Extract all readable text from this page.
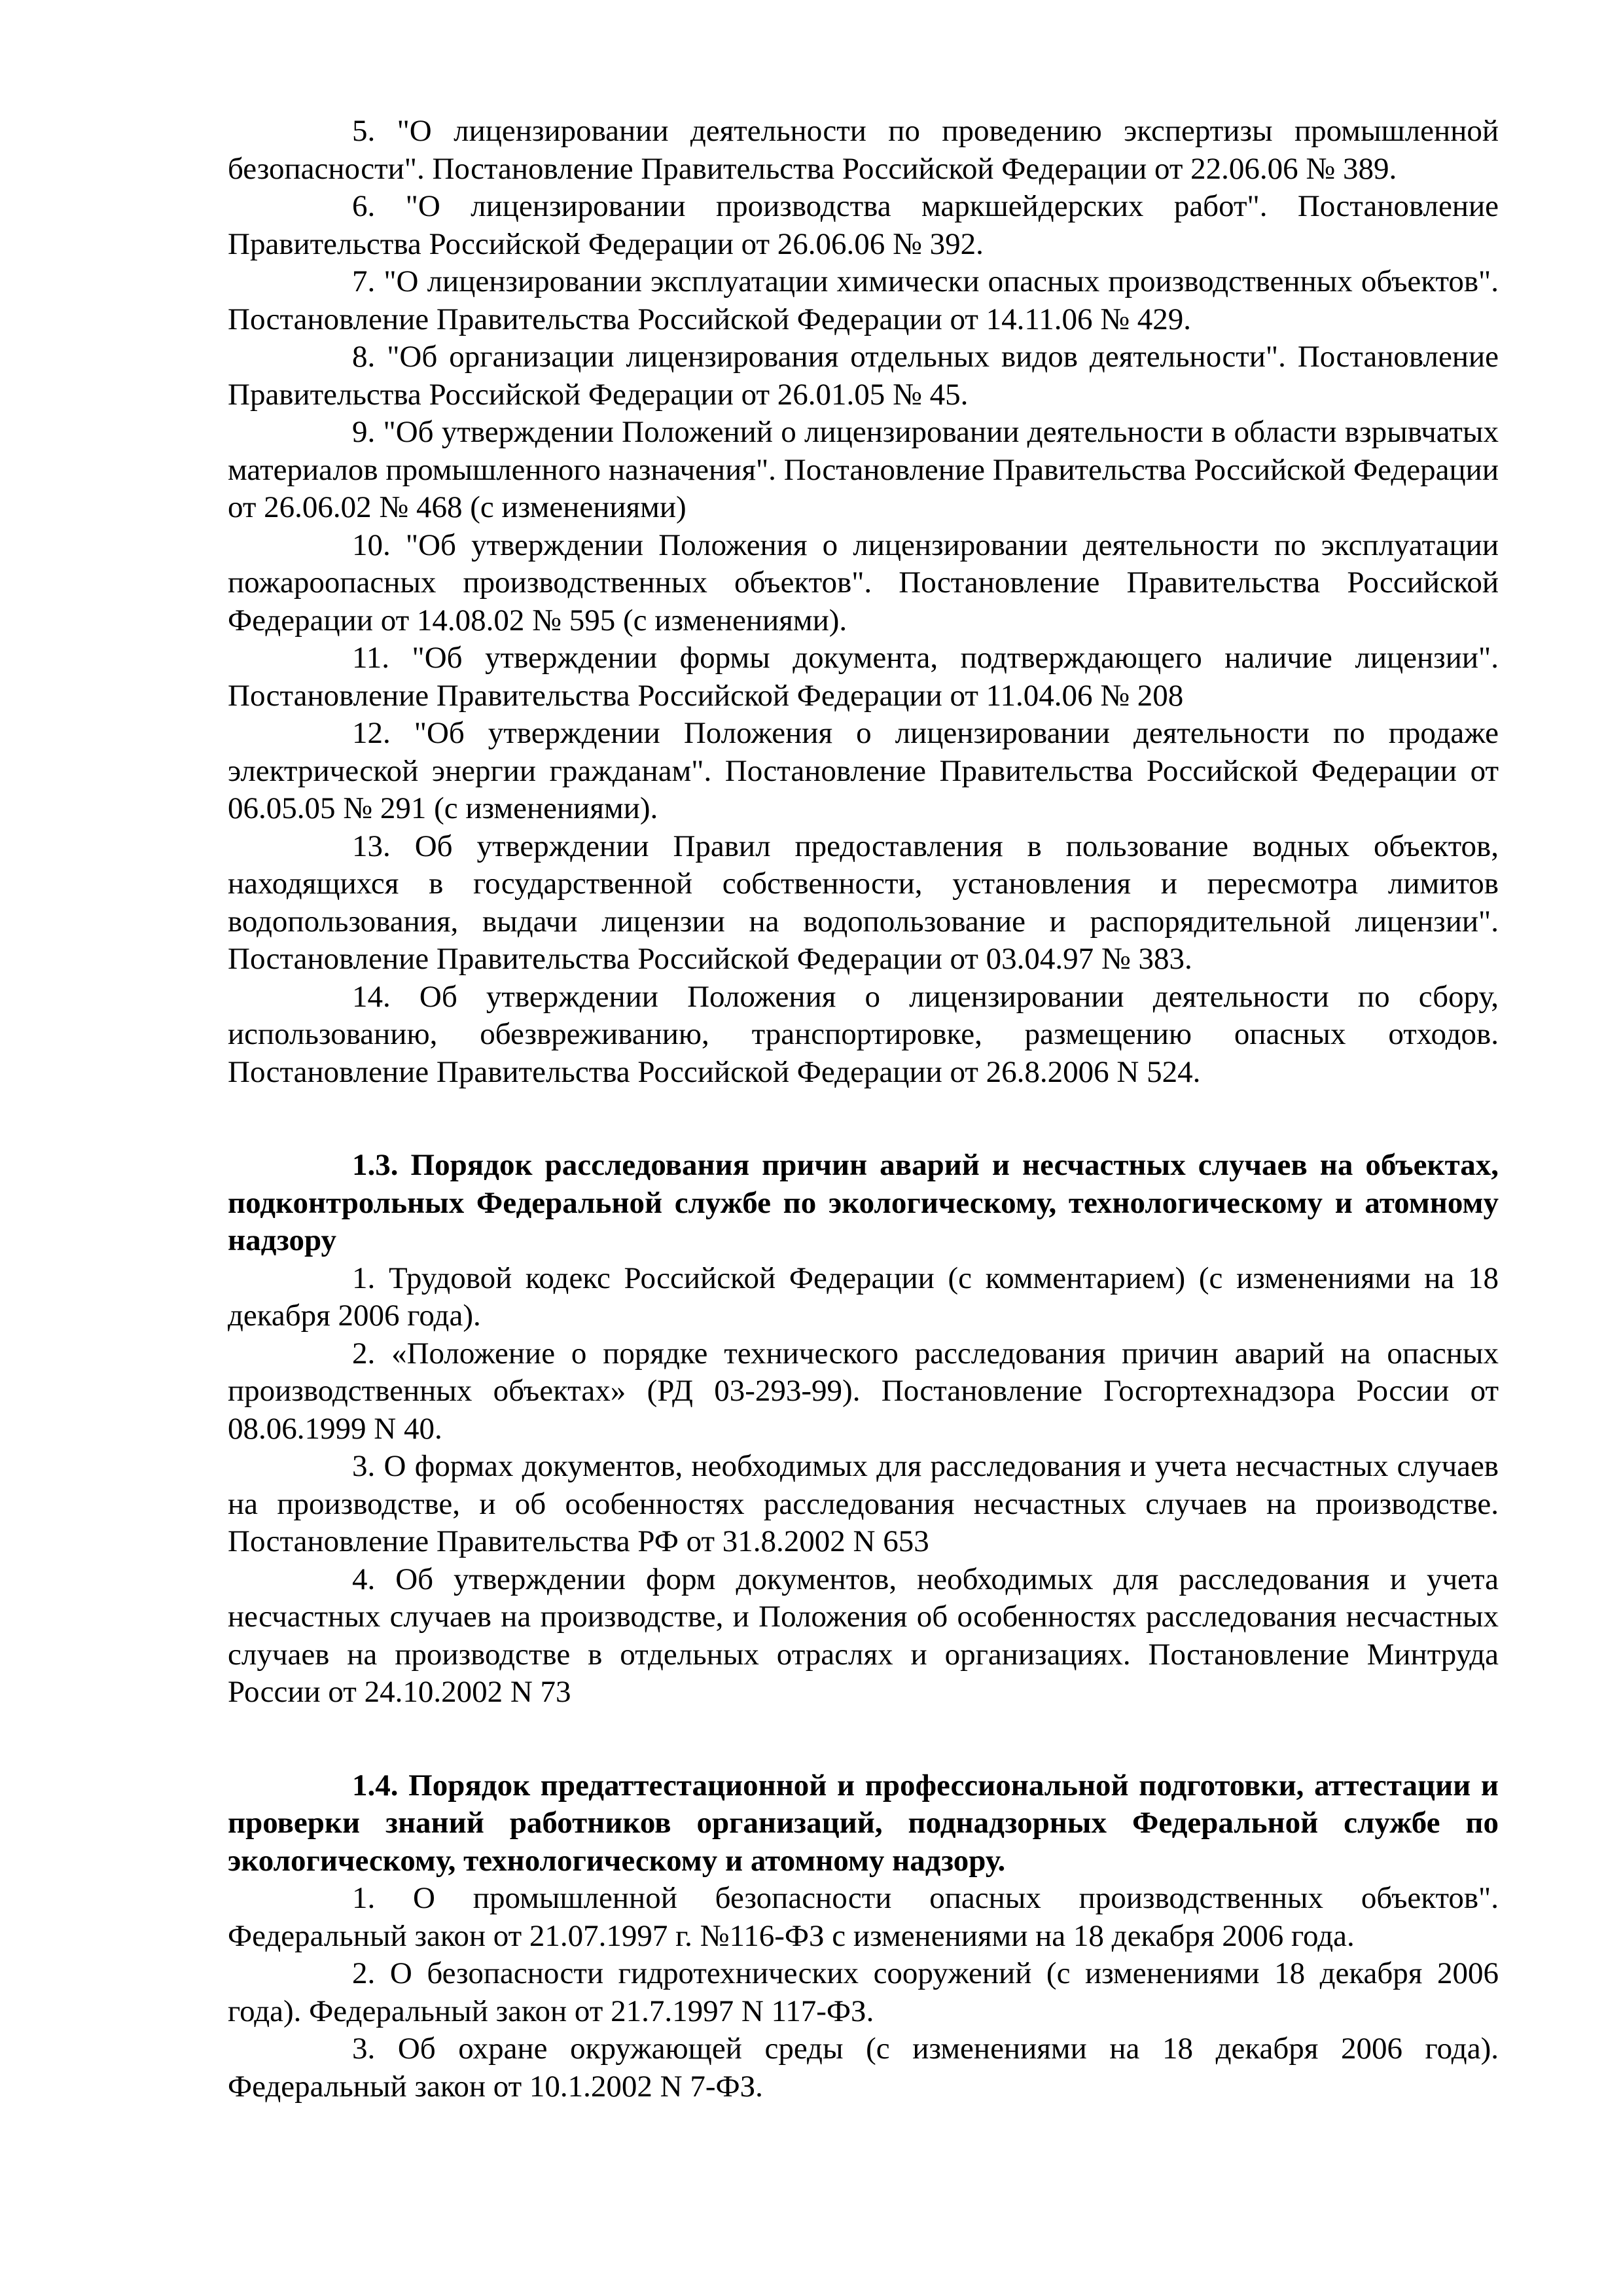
5. "О лицензировании деятельности по проведению экспертизы промышленной безопасности". Постановление Правительства Российской Федерации от 22.06.06 № 389.

6. "О лицензировании производства маркшейдерских работ". Постановление Правительства Российской Федерации от 26.06.06 № 392.

7. "О лицензировании эксплуатации химически опасных производственных объектов". Постановление Правительства Российской Федерации от 14.11.06 № 429.

8. "Об организации лицензирования отдельных видов деятельности". Постановление Правительства Российской Федерации от 26.01.05 № 45.

9. "Об утверждении Положений о лицензировании деятельности в области взрывчатых материалов промышленного назначения". Постановление Правительства Российской Федерации от 26.06.02 № 468 (с изменениями)

10. "Об утверждении Положения о лицензировании деятельности по эксплуатации пожароопасных производственных объектов". Постановление Правительства Российской Федерации от 14.08.02 № 595 (с изменениями).

11. "Об утверждении формы документа, подтверждающего наличие лицензии". Постановление Правительства Российской Федерации от 11.04.06 № 208

12. "Об утверждении Положения о лицензировании деятельности по продаже электрической энергии гражданам". Постановление Правительства Российской Федерации от 06.05.05 № 291 (с изменениями).

13. Об утверждении Правил предоставления в пользование водных объектов, находящихся в государственной собственности, установления и пересмотра лимитов водопользования, выдачи лицензии на водопользование и распорядительной лицензии". Постановление Правительства Российской Федерации от 03.04.97 № 383.

14. Об утверждении Положения о лицензировании деятельности по сбору, использованию, обезвреживанию, транспортировке, размещению опасных отходов. Постановление Правительства Российской Федерации от 26.8.2006 N 524.

1.3. Порядок расследования причин аварий и несчастных случаев на объектах, подконтрольных Федеральной службе по экологическому, технологическому и атомному надзору

1. Трудовой кодекс Российской Федерации (с комментарием) (с изменениями на 18 декабря 2006 года).

2. «Положение о порядке технического расследования причин аварий на опасных производственных объектах» (РД 03-293-99). Постановление Госгортехнадзора России от 08.06.1999 N 40.

3. О формах документов, необходимых для расследования и учета несчастных случаев на производстве, и об особенностях расследования несчастных случаев на производстве. Постановление Правительства РФ от 31.8.2002 N 653

4. Об утверждении форм документов, необходимых для расследования и учета несчастных случаев на производстве, и Положения об особенностях расследования несчастных случаев на производстве в отдельных отраслях и организациях. Постановление Минтруда России от 24.10.2002 N 73

1.4. Порядок предаттестационной и профессиональной подготовки, аттестации и проверки знаний работников организаций, поднадзорных Федеральной службе по экологическому, технологическому и атомному надзору.

1. О промышленной безопасности опасных производственных объектов". Федеральный закон от 21.07.1997 г. №116-ФЗ с изменениями на 18 декабря 2006 года.

2. О безопасности гидротехнических сооружений (с изменениями 18 декабря 2006 года). Федеральный закон от 21.7.1997 N 117-ФЗ.

3. Об охране окружающей среды (с изменениями на 18 декабря 2006 года). Федеральный закон от 10.1.2002 N 7-ФЗ.
